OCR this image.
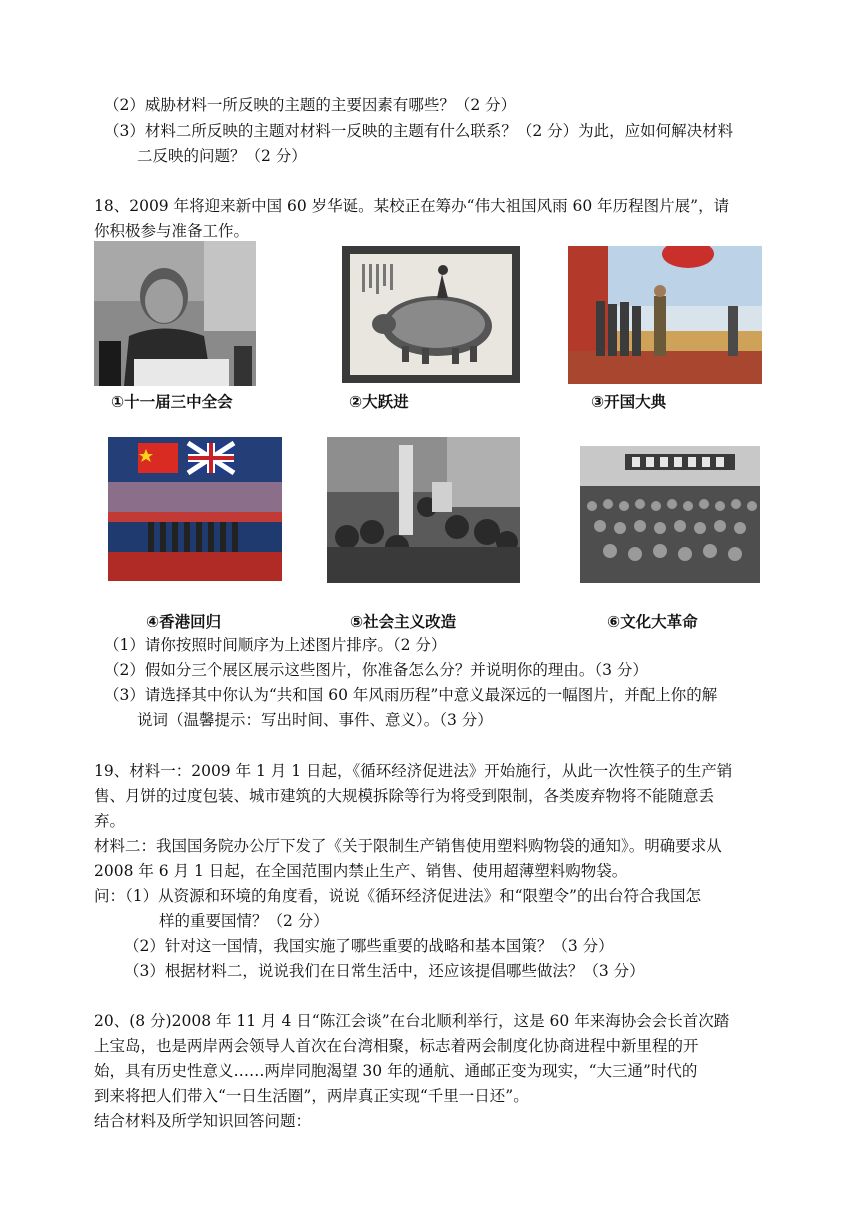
（2）威胁材料一所反映的主题的主要因素有哪些？（2 分）
（3）材料二所反映的主题对材料一反映的主题有什么联系？（2 分）为此，应如何解决材料
二反映的问题？（2 分）
18、2009 年将迎来新中国 60 岁华诞。某校正在筹办“伟大祖国风雨 60 年历程图片展”，请
你积极参与准备工作。
①十一届三中全会	②大跃进	③开国大典
④香港回归	⑤社会主义改造	⑥文化大革命
（1）请你按照时间顺序为上述图片排序。（2 分）
（2）假如分三个展区展示这些图片，你准备怎么分？并说明你的理由。（3 分）
（3）请选择其中你认为“共和国 60 年风雨历程”中意义最深远的一幅图片，并配上你的解
说词（温馨提示：写出时间、事件、意义）。（3 分）
19、材料一：2009 年 1 月 1 日起，《循环经济促进法》开始施行，从此一次性筷子的生产销
售、月饼的过度包装、城市建筑的大规模拆除等行为将受到限制，各类废弃物将不能随意丢
弃。
材料二：我国国务院办公厅下发了《关于限制生产销售使用塑料购物袋的通知》。明确要求从
2008 年 6 月 1 日起，在全国范围内禁止生产、销售、使用超薄塑料购物袋。
问：（1）从资源和环境的角度看，说说《循环经济促进法》和“限塑令”的出台符合我国怎
样的重要国情？（2 分）
（2）针对这一国情，我国实施了哪些重要的战略和基本国策？（3 分）
（3）根据材料二，说说我们在日常生活中，还应该提倡哪些做法？（3 分）
20、(8 分)2008 年 11 月 4 日“陈江会谈”在台北顺利举行，这是 60 年来海协会会长首次踏
上宝岛，也是两岸两会领导人首次在台湾相聚，标志着两会制度化协商进程中新里程的开
始，具有历史性意义……两岸同胞渴望 30 年的通航、通邮正变为现实，“大三通”时代的
到来将把人们带入“一日生活圈”，两岸真正实现“千里一日还”。
结合材料及所学知识回答问题：
